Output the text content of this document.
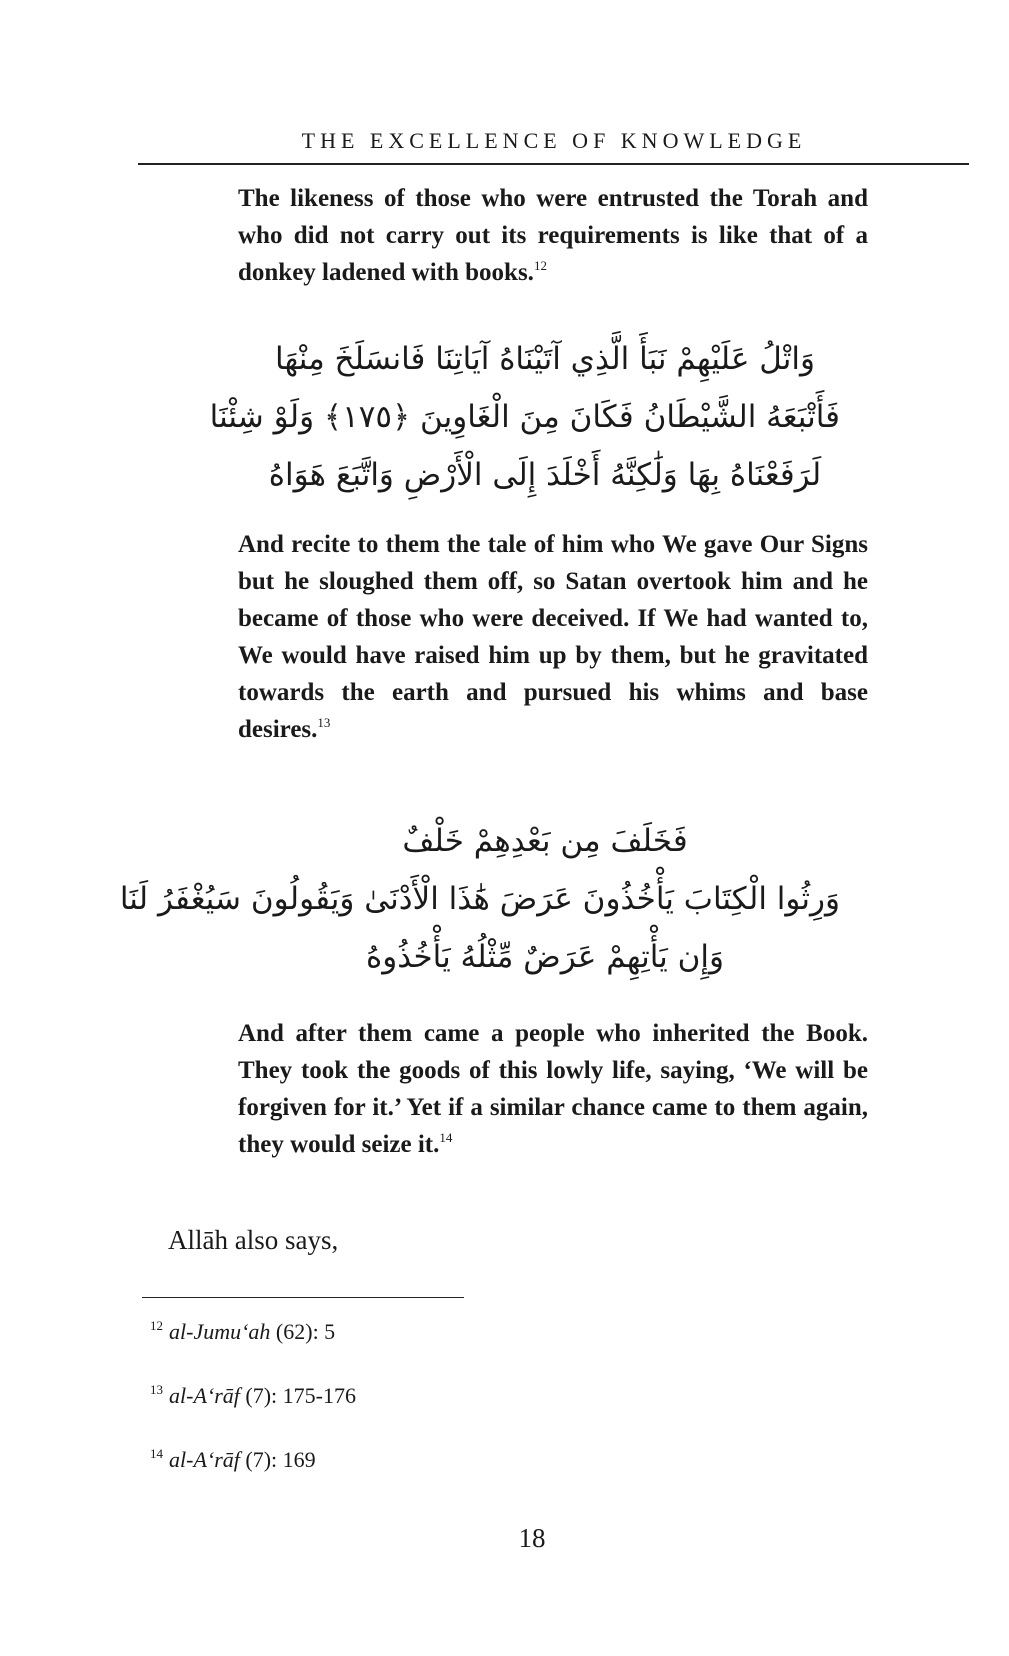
THE EXCELLENCE OF KNOWLEDGE
The likeness of those who were entrusted the Torah and who did not carry out its requirements is like that of a donkey ladened with books.$^{12}$
وَاتْلُ عَلَيْهِمْ نَبَأَ الَّذِي آتَيْنَاهُ آيَاتِنَا فَانسَلَخَ مِنْهَا
فَأَتْبَعَهُ الشَّيْطَانُ فَكَانَ مِنَ الْغَاوِينَ ﴿١٧٥﴾ وَلَوْ شِئْنَا
لَرَفَعْنَاهُ بِهَا وَلَٰكِنَّهُ أَخْلَدَ إِلَى الْأَرْضِ وَاتَّبَعَ هَوَاهُ
And recite to them the tale of him who We gave Our Signs but he sloughed them off, so Satan overtook him and he became of those who were deceived. If We had wanted to, We would have raised him up by them, but he gravitated towards the earth and pursued his whims and base desires.$^{13}$
فَخَلَفَ مِن بَعْدِهِمْ خَلْفٌ
وَرِثُوا الْكِتَابَ يَأْخُذُونَ عَرَضَ هَٰذَا الْأَدْنَىٰ وَيَقُولُونَ سَيُغْفَرُ لَنَا
وَإِن يَأْتِهِمْ عَرَضٌ مِّثْلُهُ يَأْخُذُوهُ
And after them came a people who inherited the Book. They took the goods of this lowly life, saying, ‘We will be forgiven for it.’ Yet if a similar chance came to them again, they would seize it.$^{14}$
Allāh also says,
$^{12}$ al-Jumu‘ah (62): 5
$^{13}$ al-A‘rāf (7): 175-176
$^{14}$ al-A‘rāf (7): 169
18
